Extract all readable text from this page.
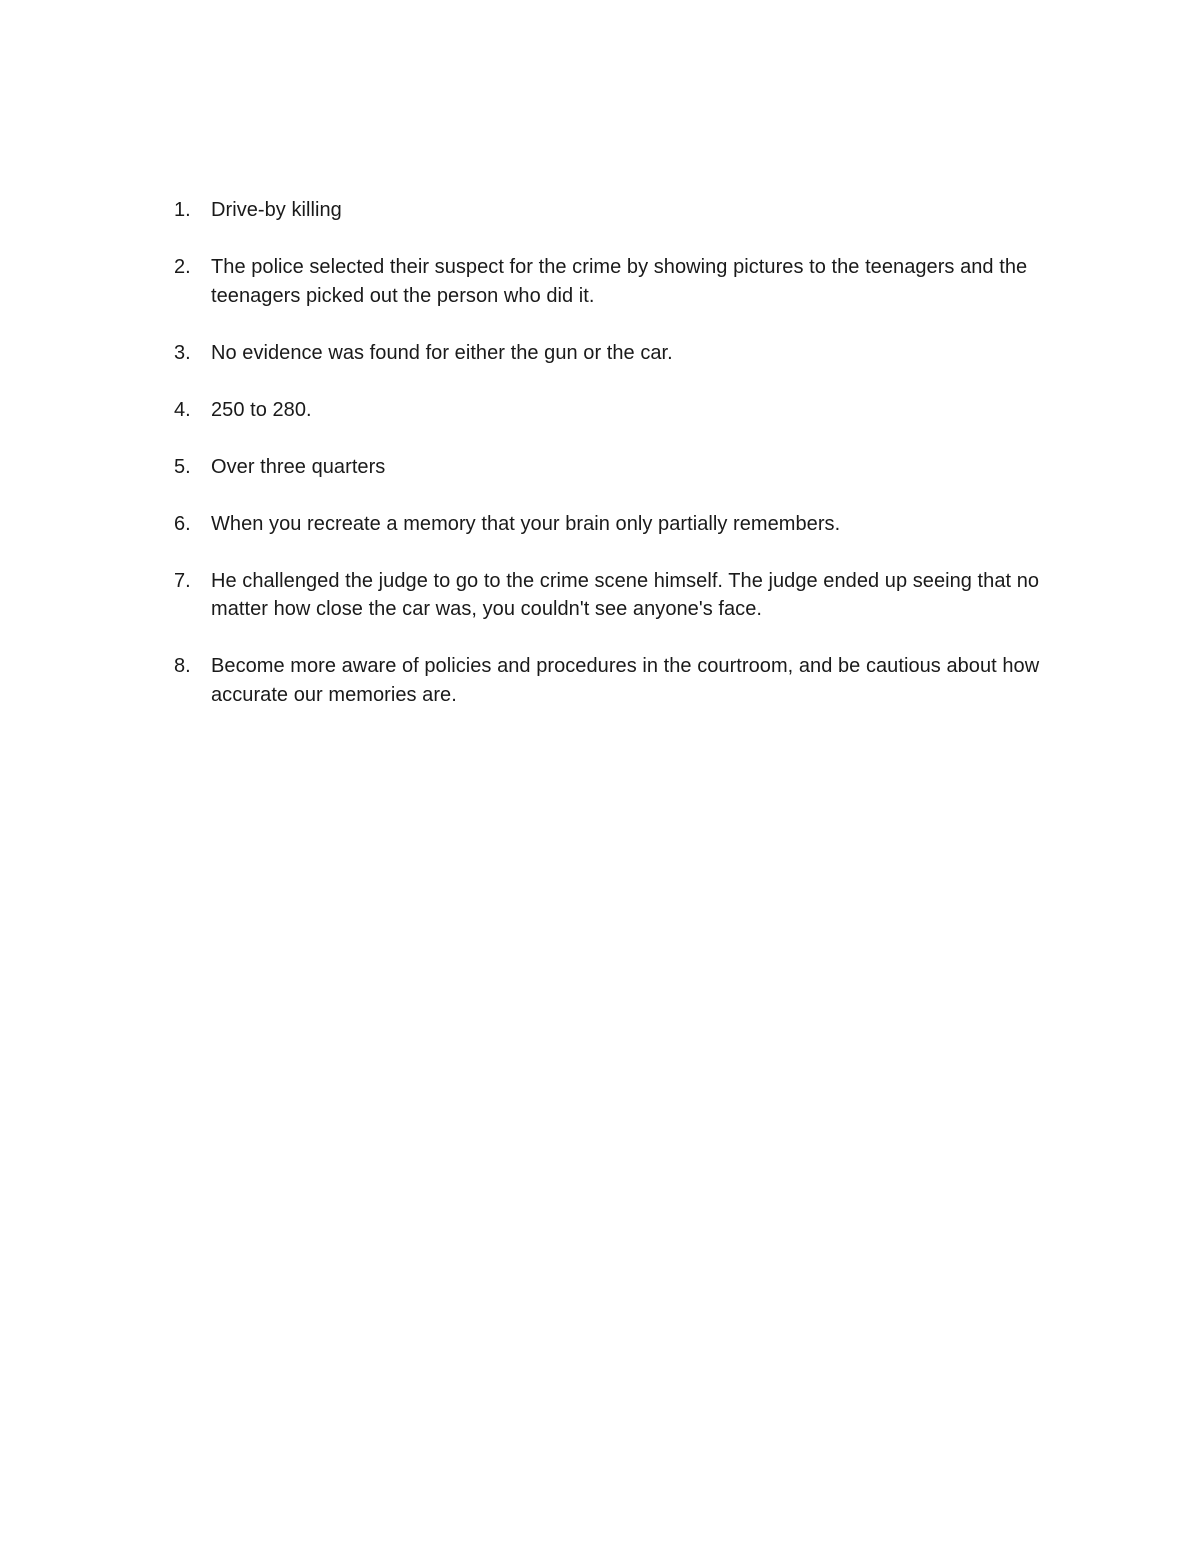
1.	Drive-by killing
2.	The police selected their suspect for the crime by showing pictures to the teenagers and the teenagers picked out the person who did it.
3.	No evidence was found for either the gun or the car.
4.	250 to 280.
5.	Over three quarters
6.	When you recreate a memory that your brain only partially remembers.
7.	He challenged the judge to go to the crime scene himself. The judge ended up seeing that no matter how close the car was, you couldn't see anyone's face.
8.	Become more aware of policies and procedures in the courtroom, and be cautious about how accurate our memories are.
